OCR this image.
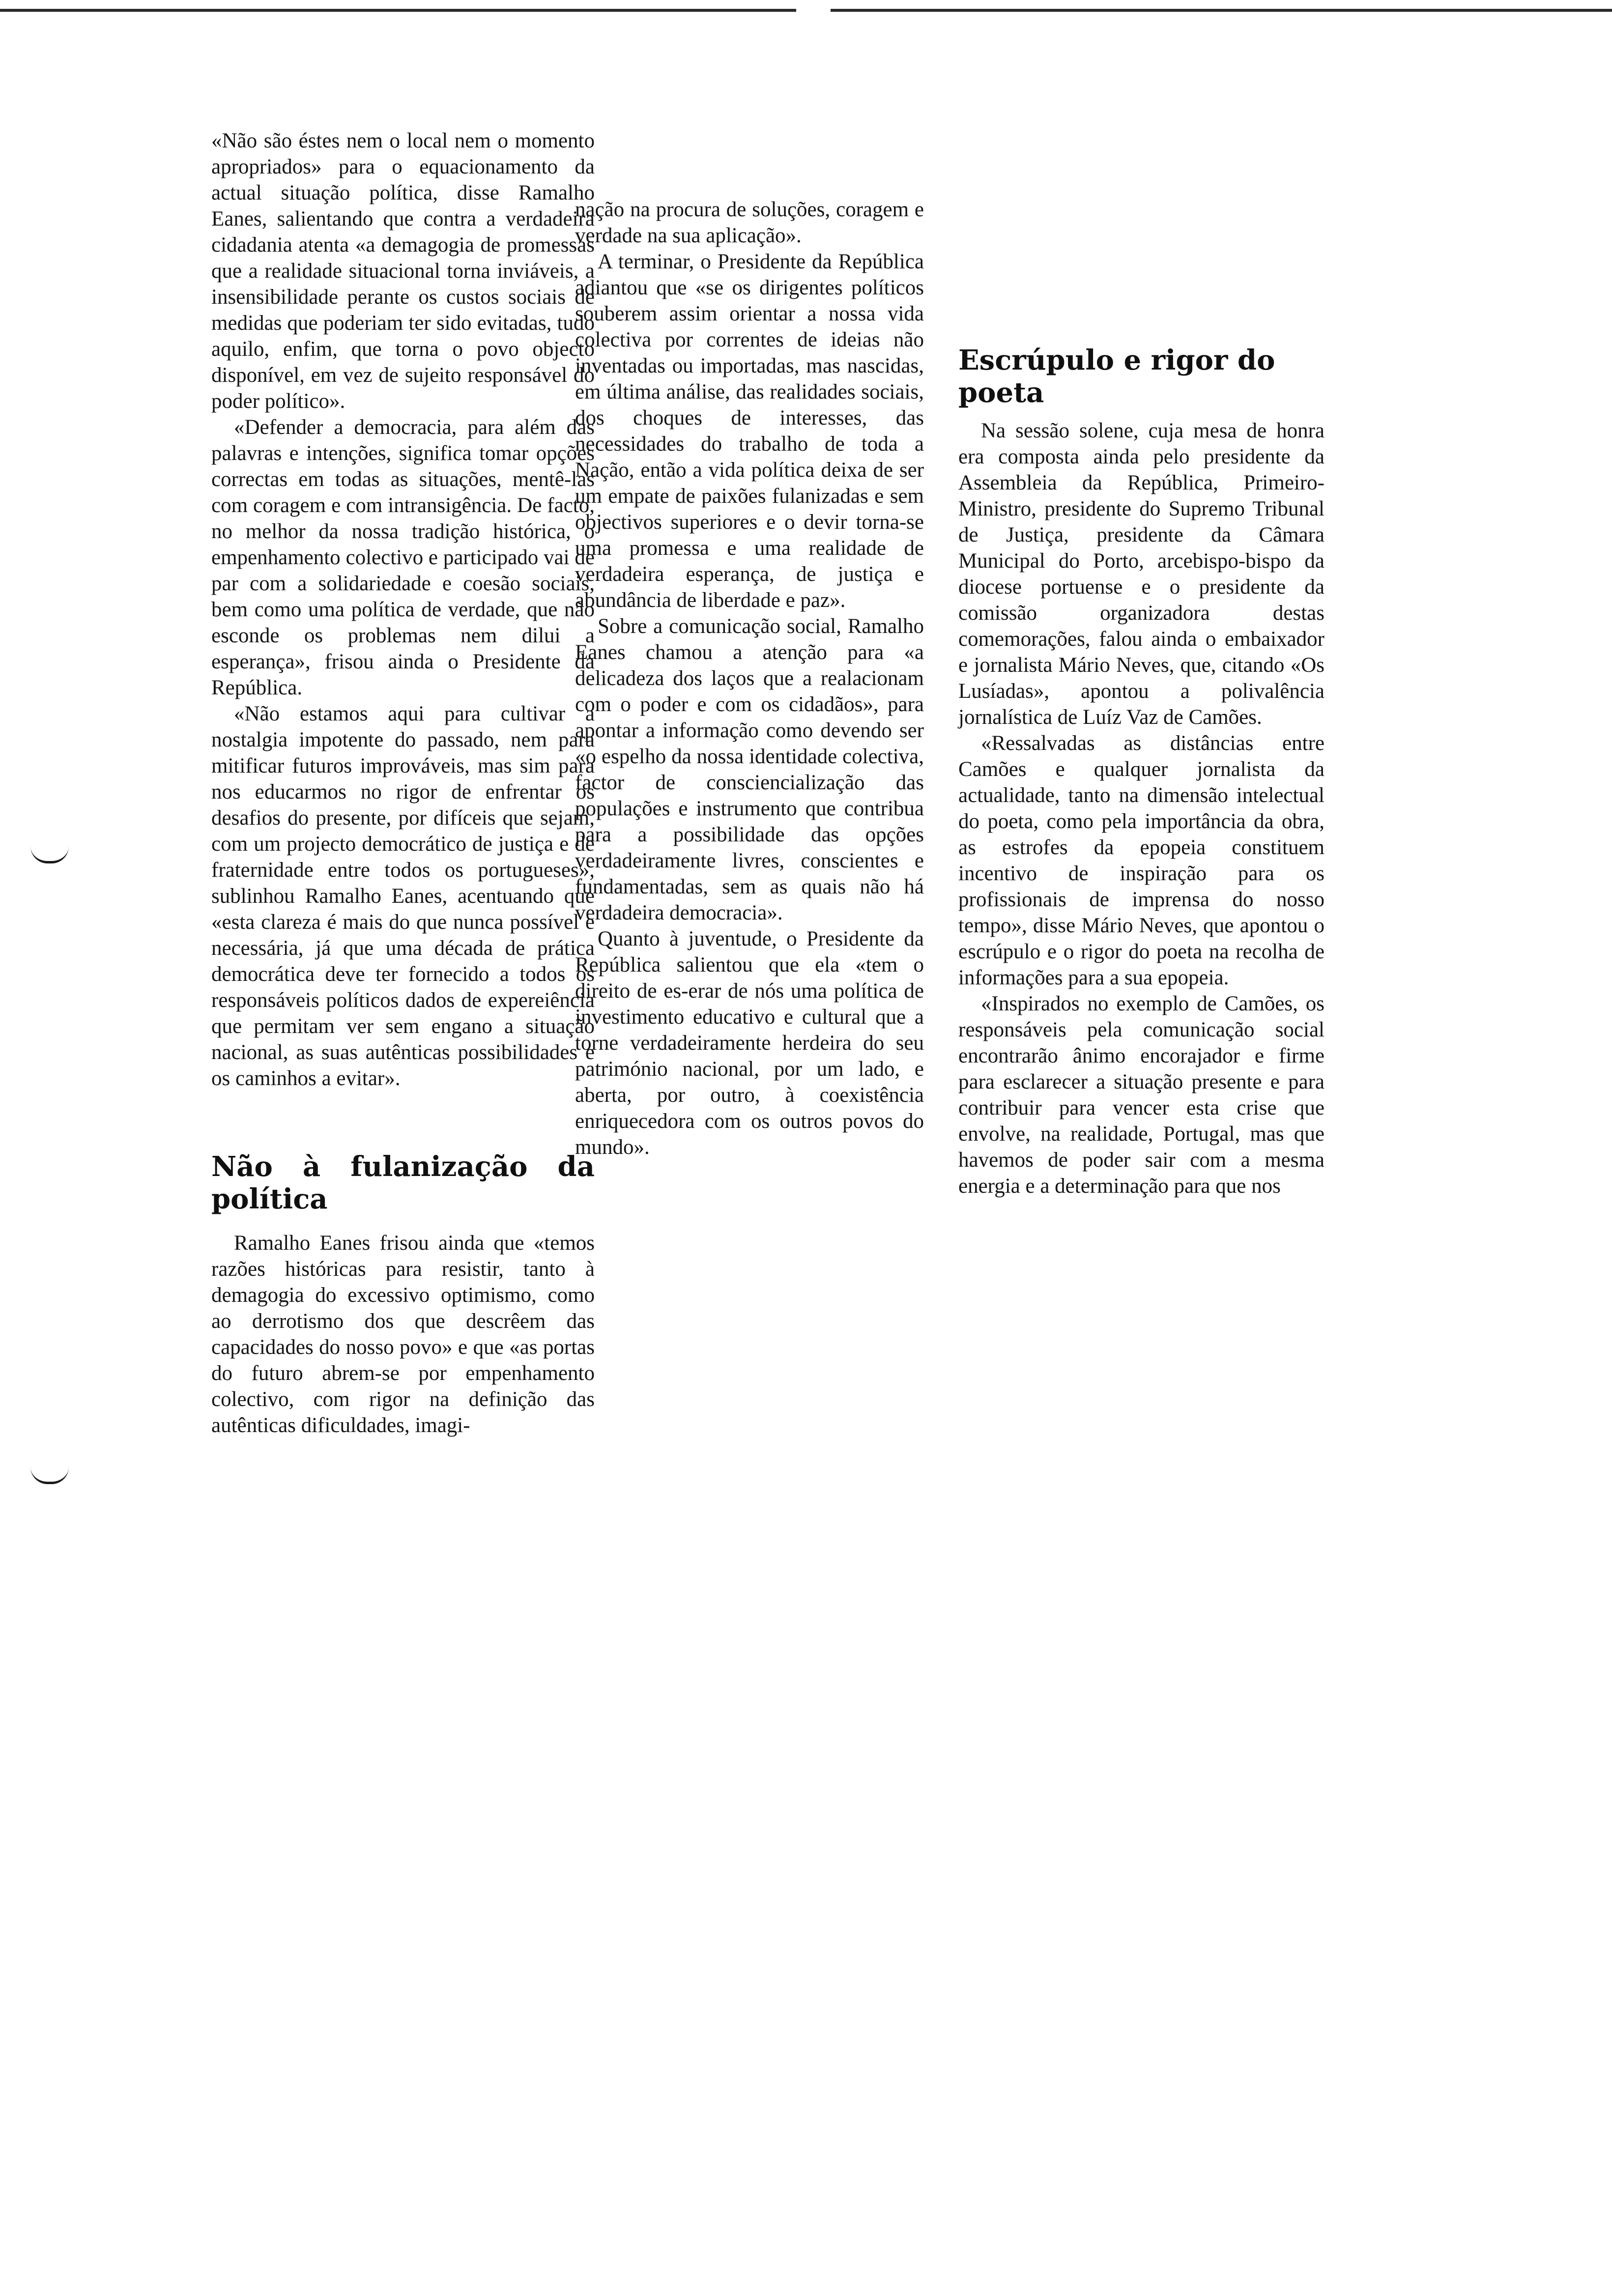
«Não são éstes nem o local nem o momento apropriados» para o equacionamento da actual situação política, disse Ramalho Eanes, salientando que contra a verdadeira cidadania atenta «a demagogia de promessas que a realidade situacional torna inviáveis, a insensibilidade perante os custos sociais de medidas que poderiam ter sido evitadas, tudo aquilo, enfim, que torna o povo objecto disponível, em vez de sujeito responsável do poder político».

«Defender a democracia, para além das palavras e intenções, significa tomar opções correctas em todas as situações, mentê-las com coragem e com intransigência. De facto, no melhor da nossa tradição histórica, o empenhamento colectivo e participado vai de par com a solidariedade e coesão sociais, bem como uma política de verdade, que não esconde os problemas nem dilui a esperança», frisou ainda o Presidente da República.

«Não estamos aqui para cultivar a nostalgia impotente do passado, nem para mitificar futuros improváveis, mas sim para nos educarmos no rigor de enfrentar os desafios do presente, por difíceis que sejam, com um projecto democrático de justiça e de fraternidade entre todos os portugueses», sublinhou Ramalho Eanes, acentuando que «esta clareza é mais do que nunca possível e necessária, já que uma década de prática democrática deve ter fornecido a todos os responsáveis políticos dados de expereiência que permitam ver sem engano a situação nacional, as suas autênticas possibilidades e os caminhos a evitar».

Não à fulanização da política

Ramalho Eanes frisou ainda que «temos razões históricas para resistir, tanto à demagogia do excessivo optimismo, como ao derrotismo dos que descrêem das capacidades do nosso povo» e que «as portas do futuro abrem-se por empenhamento colectivo, com rigor na definição das autênticas dificuldades, imagi-

nação na procura de soluções, coragem e verdade na sua aplicação».

A terminar, o Presidente da República adiantou que «se os dirigentes políticos souberem assim orientar a nossa vida colectiva por correntes de ideias não inventadas ou importadas, mas nascidas, em última análise, das realidades sociais, dos choques de interesses, das necessidades do trabalho de toda a Nação, então a vida política deixa de ser um empate de paixões fulanizadas e sem objectivos superiores e o devir torna-se uma promessa e uma realidade de verdadeira esperança, de justiça e abundância de liberdade e paz».

Sobre a comunicação social, Ramalho Eanes chamou a atenção para «a delicadeza dos laços que a realacionam com o poder e com os cidadãos», para apontar a informação como devendo ser «o espelho da nossa identidade colectiva, factor de consciencialização das populações e instrumento que contribua para a possibilidade das opções verdadeiramente livres, conscientes e fundamentadas, sem as quais não há verdadeira democracia».

Quanto à juventude, o Presidente da República salientou que ela «tem o direito de es-erar de nós uma política de investimento educativo e cultural que a torne verdadeiramente herdeira do seu património nacional, por um lado, e aberta, por outro, à coexistência enriquecedora com os outros povos do mundo».

Escrúpulo e rigor do poeta

Na sessão solene, cuja mesa de honra era composta ainda pelo presidente da Assembleia da República, Primeiro-Ministro, presidente do Supremo Tribunal de Justiça, presidente da Câmara Municipal do Porto, arcebispo-bispo da diocese portuense e o presidente da comissão organizadora destas comemorações, falou ainda o embaixador e jornalista Mário Neves, que, citando «Os Lusíadas», apontou a polivalência jornalística de Luíz Vaz de Camões.

«Ressalvadas as distâncias entre Camões e qualquer jornalista da actualidade, tanto na dimensão intelectual do poeta, como pela importância da obra, as estrofes da epopeia constituem incentivo de inspiração para os profissionais de imprensa do nosso tempo», disse Mário Neves, que apontou o escrúpulo e o rigor do poeta na recolha de informações para a sua epopeia.

«Inspirados no exemplo de Camões, os responsáveis pela comunicação social encontrarão ânimo encorajador e firme para esclarecer a situação presente e para contribuir para vencer esta crise que envolve, na realidade, Portugal, mas que havemos de poder sair com a mesma energia e a determinação para que nos
